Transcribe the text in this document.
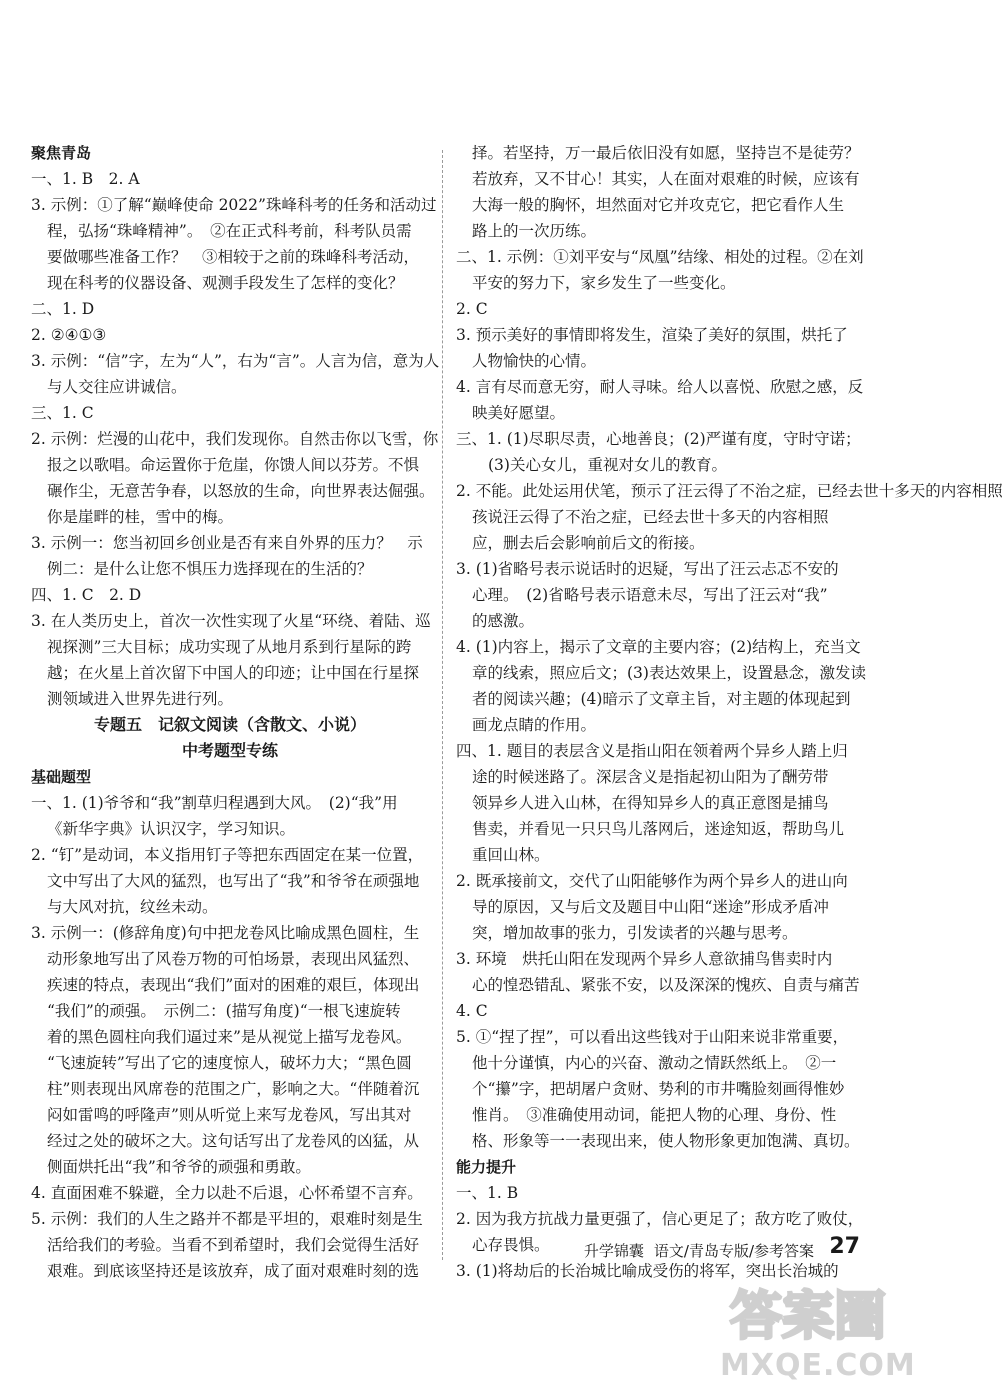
聚焦青岛
一、1. B　2. A
3. 示例：①了解“巅峰使命 2022”珠峰科考的任务和活动过
程，弘扬“珠峰精神”。　②在正式科考前，科考队员需
要做哪些准备工作？　③相较于之前的珠峰科考活动，
现在科考的仪器设备、观测手段发生了怎样的变化？
二、1. D
2. ②④①③
3. 示例：“信”字，左为“人”，右为“言”。人言为信，意为人
与人交往应讲诚信。
三、1. C
2. 示例：烂漫的山花中，我们发现你。自然击你以飞雪，你
报之以歌唱。命运置你于危崖，你馈人间以芬芳。不惧
碾作尘，无意苦争春，以怒放的生命，向世界表达倔强。
你是崖畔的桂，雪中的梅。
3. 示例一：您当初回乡创业是否有来自外界的压力？　示
例二：是什么让您不惧压力选择现在的生活的？
四、1. C　2. D
3. 在人类历史上，首次一次性实现了火星“环绕、着陆、巡
视探测”三大目标；成功实现了从地月系到行星际的跨
越；在火星上首次留下中国人的印迹；让中国在行星探
测领域进入世界先进行列。
专题五　记叙文阅读（含散文、小说）
中考题型专练
基础题型
一、1. (1)爷爷和“我”割草归程遇到大风。　(2)“我”用
《新华字典》认识汉字，学习知识。
2. “钉”是动词，本义指用钉子等把东西固定在某一位置，
文中写出了大风的猛烈，也写出了“我”和爷爷在顽强地
与大风对抗，纹丝未动。
3. 示例一：(修辞角度)句中把龙卷风比喻成黑色圆柱，生
动形象地写出了风卷万物的可怕场景，表现出风猛烈、
疾速的特点，表现出“我们”面对的困难的艰巨，体现出
“我们”的顽强。　示例二：(描写角度)“一根飞速旋转
着的黑色圆柱向我们逼过来”是从视觉上描写龙卷风。
“飞速旋转”写出了它的速度惊人，破坏力大；“黑色圆
柱”则表现出风席卷的范围之广，影响之大。“伴随着沉
闷如雷鸣的呼隆声”则从听觉上来写龙卷风，写出其对
经过之处的破坏之大。这句话写出了龙卷风的凶猛，从
侧面烘托出“我”和爷爷的顽强和勇敢。
4. 直面困难不躲避，全力以赴不后退，心怀希望不言弃。
5. 示例：我们的人生之路并不都是平坦的，艰难时刻是生
活给我们的考验。当看不到希望时，我们会觉得生活好
艰难。到底该坚持还是该放弃，成了面对艰难时刻的选
择。若坚持，万一最后依旧没有如愿，坚持岂不是徒劳？
若放弃，又不甘心！其实，人在面对艰难的时候，应该有
大海一般的胸怀，坦然面对它并攻克它，把它看作人生
路上的一次历练。
二、1. 示例：①刘平安与“凤凰”结缘、相处的过程。②在刘
平安的努力下，家乡发生了一些变化。
2. C
3. 预示美好的事情即将发生，渲染了美好的氛围，烘托了
人物愉快的心情。
4. 言有尽而意无穷，耐人寻味。给人以喜悦、欣慰之感，反
映美好愿望。
三、1. (1)尽职尽责，心地善良；(2)严谨有度，守时守诺；
(3)关心女儿，重视对女儿的教育。
2. 不能。此处运用伏笔，预示了汪云得了不治之症，已经去世十多天的内容相照
孩说汪云得了不治之症，已经去世十多天的内容相照
应，删去后会影响前后文的衔接。
3. (1)省略号表示说话时的迟疑，写出了汪云忐忑不安的
心理。　(2)省略号表示语意未尽，写出了汪云对“我”
的感激。
4. (1)内容上，揭示了文章的主要内容；(2)结构上，充当文
章的线索，照应后文；(3)表达效果上，设置悬念，激发读
者的阅读兴趣；(4)暗示了文章主旨，对主题的体现起到
画龙点睛的作用。
四、1. 题目的表层含义是指山阳在领着两个异乡人踏上归
途的时候迷路了。深层含义是指起初山阳为了酬劳带
领异乡人进入山林，在得知异乡人的真正意图是捕鸟
售卖，并看见一只只鸟儿落网后，迷途知返，帮助鸟儿
重回山林。
2. 既承接前文，交代了山阳能够作为两个异乡人的进山向
导的原因，又与后文及题目中山阳“迷途”形成矛盾冲
突，增加故事的张力，引发读者的兴趣与思考。
3. 环境　烘托山阳在发现两个异乡人意欲捕鸟售卖时内
心的惶恐错乱、紧张不安，以及深深的愧疚、自责与痛苦
4. C
5. ①“捏了捏”，可以看出这些钱对于山阳来说非常重要，
他十分谨慎，内心的兴奋、激动之情跃然纸上。　②一
个“攥”字，把胡屠户贪财、势利的市井嘴脸刻画得惟妙
惟肖。　③准确使用动词，能把人物的心理、身份、性
格、形象等一一表现出来，使人物形象更加饱满、真切。
能力提升
一、1. B
2. 因为我方抗战力量更强了，信心更足了；敌方吃了败仗，
心存畏惧。
3. (1)将劫后的长治城比喻成受伤的将军，突出长治城的
升学锦囊 语文/青岛专版/参考答案 27
答案圈
MXQE.COM
